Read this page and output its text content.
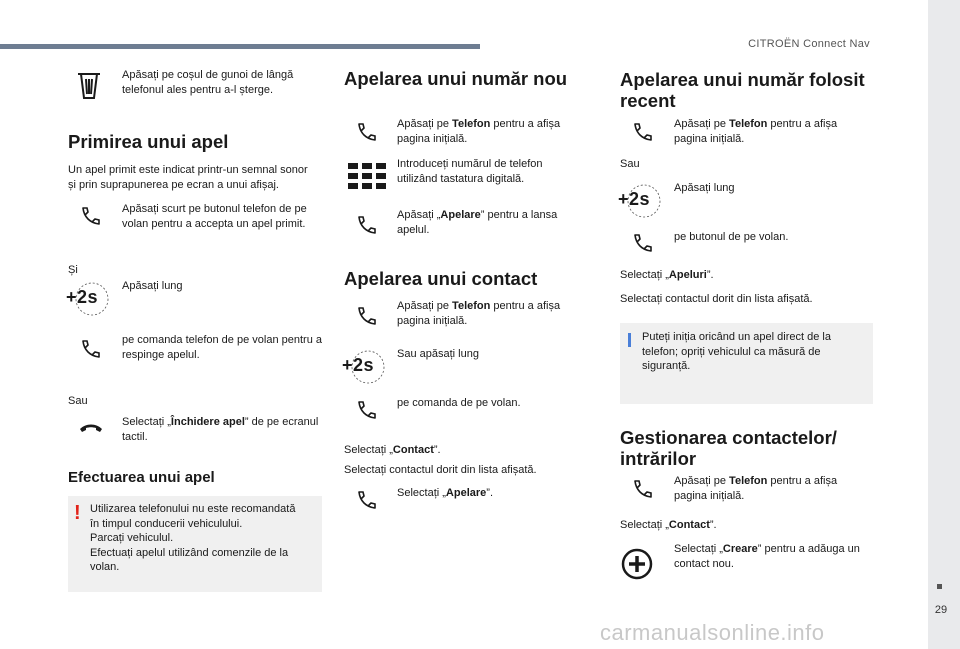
CITROËN Connect Nav
29
carmanualsonline.info
Apăsați pe coșul de gunoi de lângă telefonul ales pentru a-l șterge.
Primirea unui apel
Un apel primit este indicat printr-un semnal sonor și prin suprapunerea pe ecran a unui afișaj.
Apăsați scurt pe butonul telefon de pe volan pentru a accepta un apel primit.
Și
+2s
Apăsați lung
pe comanda telefon de pe volan pentru a respinge apelul.
Sau
Selectați „Închidere apel” de pe ecranul tactil.
Efectuarea unui apel
! Utilizarea telefonului nu este recomandată
în timpul conducerii vehiculului.
Parcați vehiculul.
Efectuați apelul utilizând comenzile de la
volan.
Apelarea unui număr nou
Apăsați pe Telefon pentru a afișa pagina inițială.
Introduceți numărul de telefon utilizând tastatura digitală.
Apăsați „Apelare” pentru a lansa apelul.
Apelarea unui contact
Apăsați pe Telefon pentru a afișa pagina inițială.
+2s
Sau apăsați lung
pe comanda de pe volan.
Selectați „Contact”.
Selectați contactul dorit din lista afișată.
Selectați „Apelare”.
Apelarea unui număr folosit
recent
Apăsați pe Telefon pentru a afișa pagina inițială.
Sau
+2s
Apăsați lung
pe butonul de pe volan.
Selectați „Apeluri”.
Selectați contactul dorit din lista afișată.
Puteți iniția oricând un apel direct de la
telefon; opriți vehiculul ca măsură de
siguranță.
Gestionarea contactelor/
intrărilor
Apăsați pe Telefon pentru a afișa pagina inițială.
Selectați „Contact”.
Selectați „Creare” pentru a adăuga un contact nou.
